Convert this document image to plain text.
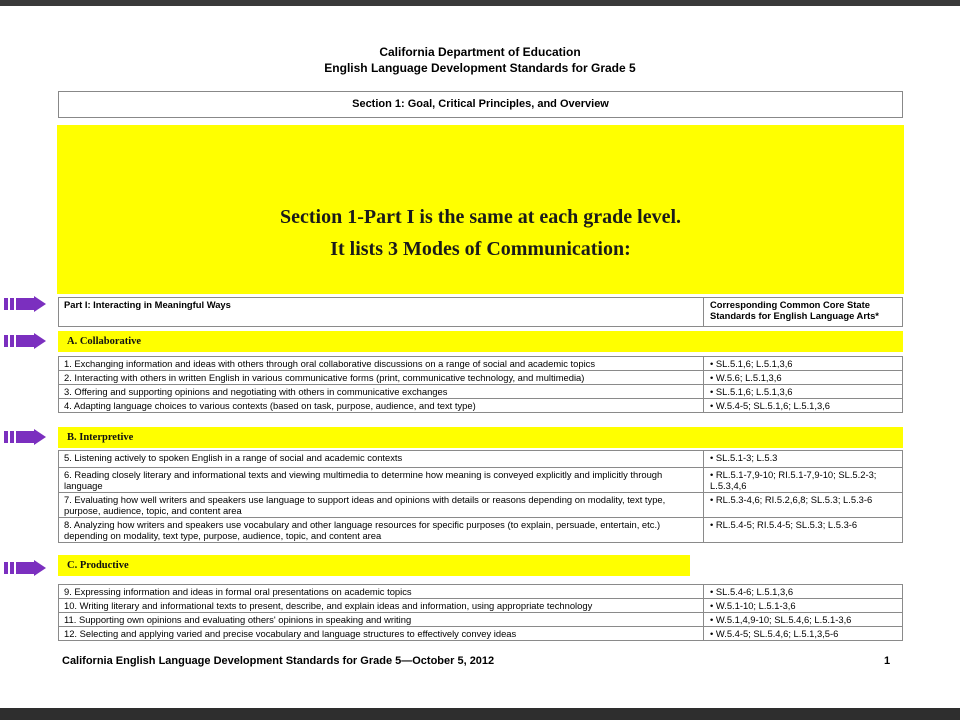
California Department of Education
English Language Development Standards for Grade 5
Section 1: Goal, Critical Principles, and Overview
Part I: Interacting in Meaningful Ways	Corresponding Common Core State Standards for English Language Arts*
1. Exchanging information and ideas with others through oral collaborative discussions on a range of social and academic topics	• SL.5.1,6; L.5.1,3,6
2. Interacting with others in written English in various communicative forms (print, communicative technology, and multimedia)	• W.5.6; L.5.1,3,6
3. Offering and supporting opinions and negotiating with others in communicative exchanges	• SL.5.1,6; L.5.1,3,6
4. Adapting language choices to various contexts (based on task, purpose, audience, and text type)	• W.5.4-5; SL.5.1,6; L.5.1,3,6
5. Listening actively to spoken English in a range of social and academic contexts	• SL.5.1-3; L.5.3
6. Reading closely literary and informational texts and viewing multimedia to determine how meaning is conveyed explicitly and implicitly through language	• RL.5.1-7,9-10; RI.5.1-7,9-10; SL.5.2-3; L.5.3,4,6
7. Evaluating how well writers and speakers use language to support ideas and opinions with details or reasons depending on modality, text type, purpose, audience, topic, and content area	• RL.5.3-4,6; RI.5.2,6,8; SL.5.3; L.5.3-6
8. Analyzing how writers and speakers use vocabulary and other language resources for specific purposes (to explain, persuade, entertain, etc.) depending on modality, text type, purpose, audience, topic, and content area	• RL.5.4-5; RI.5.4-5; SL.5.3; L.5.3-6
9. Expressing information and ideas in formal oral presentations on academic topics	• SL.5.4-6; L.5.1,3,6
10. Writing literary and informational texts to present, describe, and explain ideas and information, using appropriate technology	• W.5.1-10; L.5.1-3,6
11. Supporting own opinions and evaluating others' opinions in speaking and writing	• W.5.1,4,9-10; SL.5.4,6; L.5.1-3,6
12. Selecting and applying varied and precise vocabulary and language structures to effectively convey ideas	• W.5.4-5; SL.5.4,6; L.5.1,3,5-6
Section 1-Part I is the same at each grade level.
It lists 3 Modes of Communication:
A. Collaborative
B. Interpretive
C. Productive
California English Language Development Standards for Grade 5—October 5, 2012	1
